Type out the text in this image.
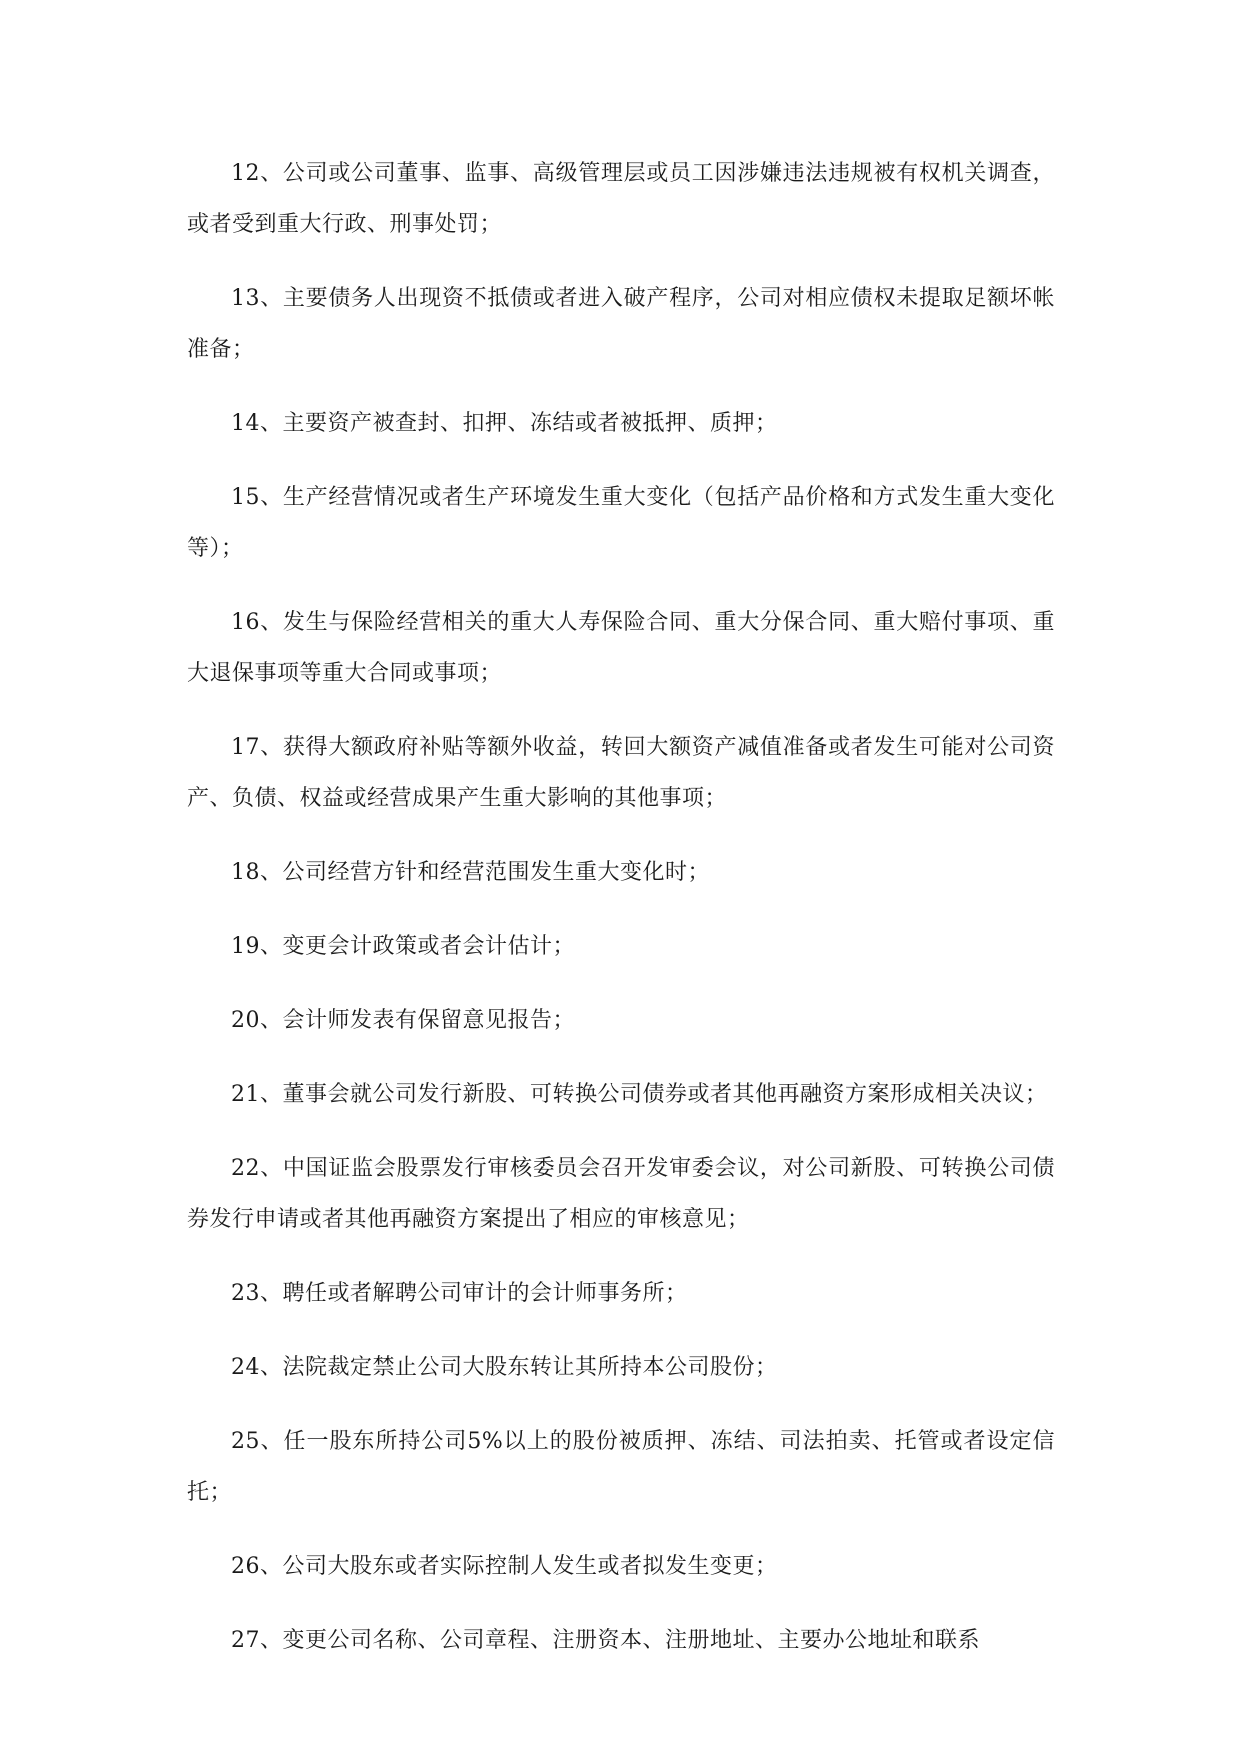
12、公司或公司董事、监事、高级管理层或员工因涉嫌违法违规被有权机关调查，或者受到重大行政、刑事处罚；

13、主要债务人出现资不抵债或者进入破产程序，公司对相应债权未提取足额坏帐准备；

14、主要资产被查封、扣押、冻结或者被抵押、质押；

15、生产经营情况或者生产环境发生重大变化（包括产品价格和方式发生重大变化等）；

16、发生与保险经营相关的重大人寿保险合同、重大分保合同、重大赔付事项、重大退保事项等重大合同或事项；

17、获得大额政府补贴等额外收益，转回大额资产减值准备或者发生可能对公司资产、负债、权益或经营成果产生重大影响的其他事项；

18、公司经营方针和经营范围发生重大变化时；

19、变更会计政策或者会计估计；

20、会计师发表有保留意见报告；

21、董事会就公司发行新股、可转换公司债券或者其他再融资方案形成相关决议；

22、中国证监会股票发行审核委员会召开发审委会议，对公司新股、可转换公司债券发行申请或者其他再融资方案提出了相应的审核意见；

23、聘任或者解聘公司审计的会计师事务所；

24、法院裁定禁止公司大股东转让其所持本公司股份；

25、任一股东所持公司5%以上的股份被质押、冻结、司法拍卖、托管或者设定信托；

26、公司大股东或者实际控制人发生或者拟发生变更；

27、变更公司名称、公司章程、注册资本、注册地址、主要办公地址和联系
